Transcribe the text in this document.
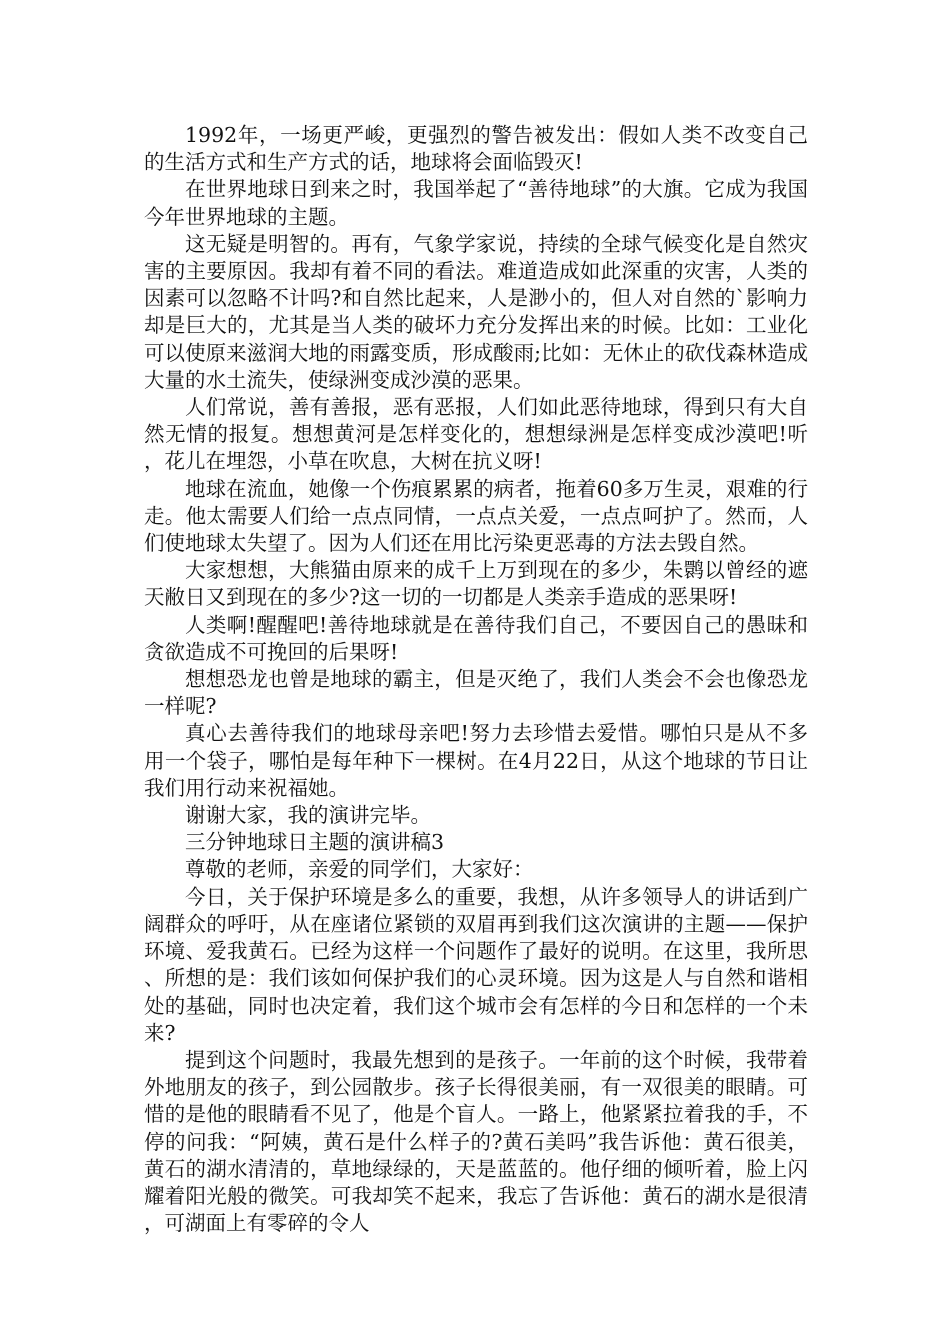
1992年，一场更严峻，更强烈的警告被发出：假如人类不改变自己的生活方式和生产方式的话，地球将会面临毁灭!

在世界地球日到来之时，我国举起了“善待地球”的大旗。它成为我国今年世界地球的主题。

这无疑是明智的。再有，气象学家说，持续的全球气候变化是自然灾害的主要原因。我却有着不同的看法。难道造成如此深重的灾害，人类的因素可以忽略不计吗?和自然比起来，人是渺小的，但人对自然的`影响力却是巨大的，尤其是当人类的破坏力充分发挥出来的时候。比如：工业化可以使原来滋润大地的雨露变质，形成酸雨;比如：无休止的砍伐森林造成大量的水土流失，使绿洲变成沙漠的恶果。

人们常说，善有善报，恶有恶报，人们如此恶待地球，得到只有大自然无情的报复。想想黄河是怎样变化的，想想绿洲是怎样变成沙漠吧!听，花儿在埋怨，小草在吹息，大树在抗义呀!

地球在流血，她像一个伤痕累累的病者，拖着60多万生灵，艰难的行走。他太需要人们给一点点同情，一点点关爱，一点点呵护了。然而，人们使地球太失望了。因为人们还在用比污染更恶毒的方法去毁自然。

大家想想，大熊猫由原来的成千上万到现在的多少，朱鹮以曾经的遮天敝日又到现在的多少?这一切的一切都是人类亲手造成的恶果呀!

人类啊!醒醒吧!善待地球就是在善待我们自己，不要因自己的愚昧和贪欲造成不可挽回的后果呀!

想想恐龙也曾是地球的霸主，但是灭绝了，我们人类会不会也像恐龙一样呢?

真心去善待我们的地球母亲吧!努力去珍惜去爱惜。哪怕只是从不多用一个袋子，哪怕是每年种下一棵树。在4月22日，从这个地球的节日让我们用行动来祝福她。

谢谢大家，我的演讲完毕。

三分钟地球日主题的演讲稿3

尊敬的老师，亲爱的同学们，大家好：

今日，关于保护环境是多么的重要，我想，从许多领导人的讲话到广阔群众的呼吁，从在座诸位紧锁的双眉再到我们这次演讲的主题——保护环境、爱我黄石。已经为这样一个问题作了最好的说明。在这里，我所思、所想的是：我们该如何保护我们的心灵环境。因为这是人与自然和谐相处的基础，同时也决定着，我们这个城市会有怎样的今日和怎样的一个未来?

提到这个问题时，我最先想到的是孩子。一年前的这个时候，我带着外地朋友的孩子，到公园散步。孩子长得很美丽，有一双很美的眼睛。可惜的是他的眼睛看不见了，他是个盲人。一路上，他紧紧拉着我的手，不停的问我：“阿姨，黄石是什么样子的?黄石美吗”我告诉他：黄石很美，黄石的湖水清清的，草地绿绿的，天是蓝蓝的。他仔细的倾听着，脸上闪耀着阳光般的微笑。可我却笑不起来，我忘了告诉他：黄石的湖水是很清，可湖面上有零碎的令人
